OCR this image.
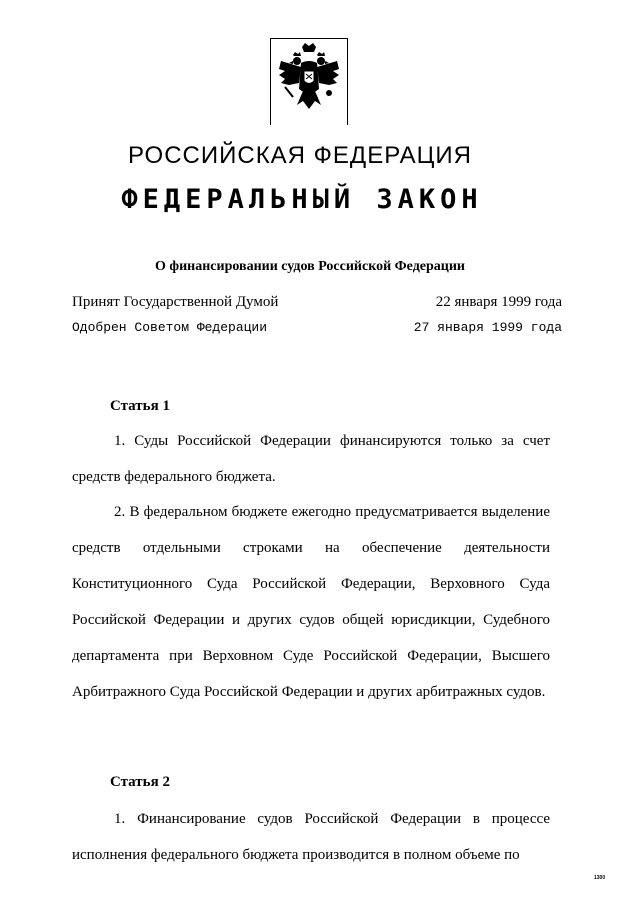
РОССИЙСКАЯ ФЕДЕРАЦИЯ
ФЕДЕРАЛЬНЫЙ ЗАКОН
О финансировании судов Российской Федерации
Принят Государственной Думой	22 января 1999 года
Одобрен Советом Федерации	27 января 1999 года
Статья 1

1. Суды Российской Федерации финансируются только за счет средств федерального бюджета.

2. В федеральном бюджете ежегодно предусматривается выделение средств отдельными строками на обеспечение деятельности Конституционного Суда Российской Федерации, Верховного Суда Российской Федерации и других судов общей юрисдикции, Судебного департамента при Верховном Суде Российской Федерации, Высшего Арбитражного Суда Российской Федерации и других арбитражных судов.

Статья 2

1. Финансирование судов Российской Федерации в процессе исполнения федерального бюджета производится в полном объеме по

1300
